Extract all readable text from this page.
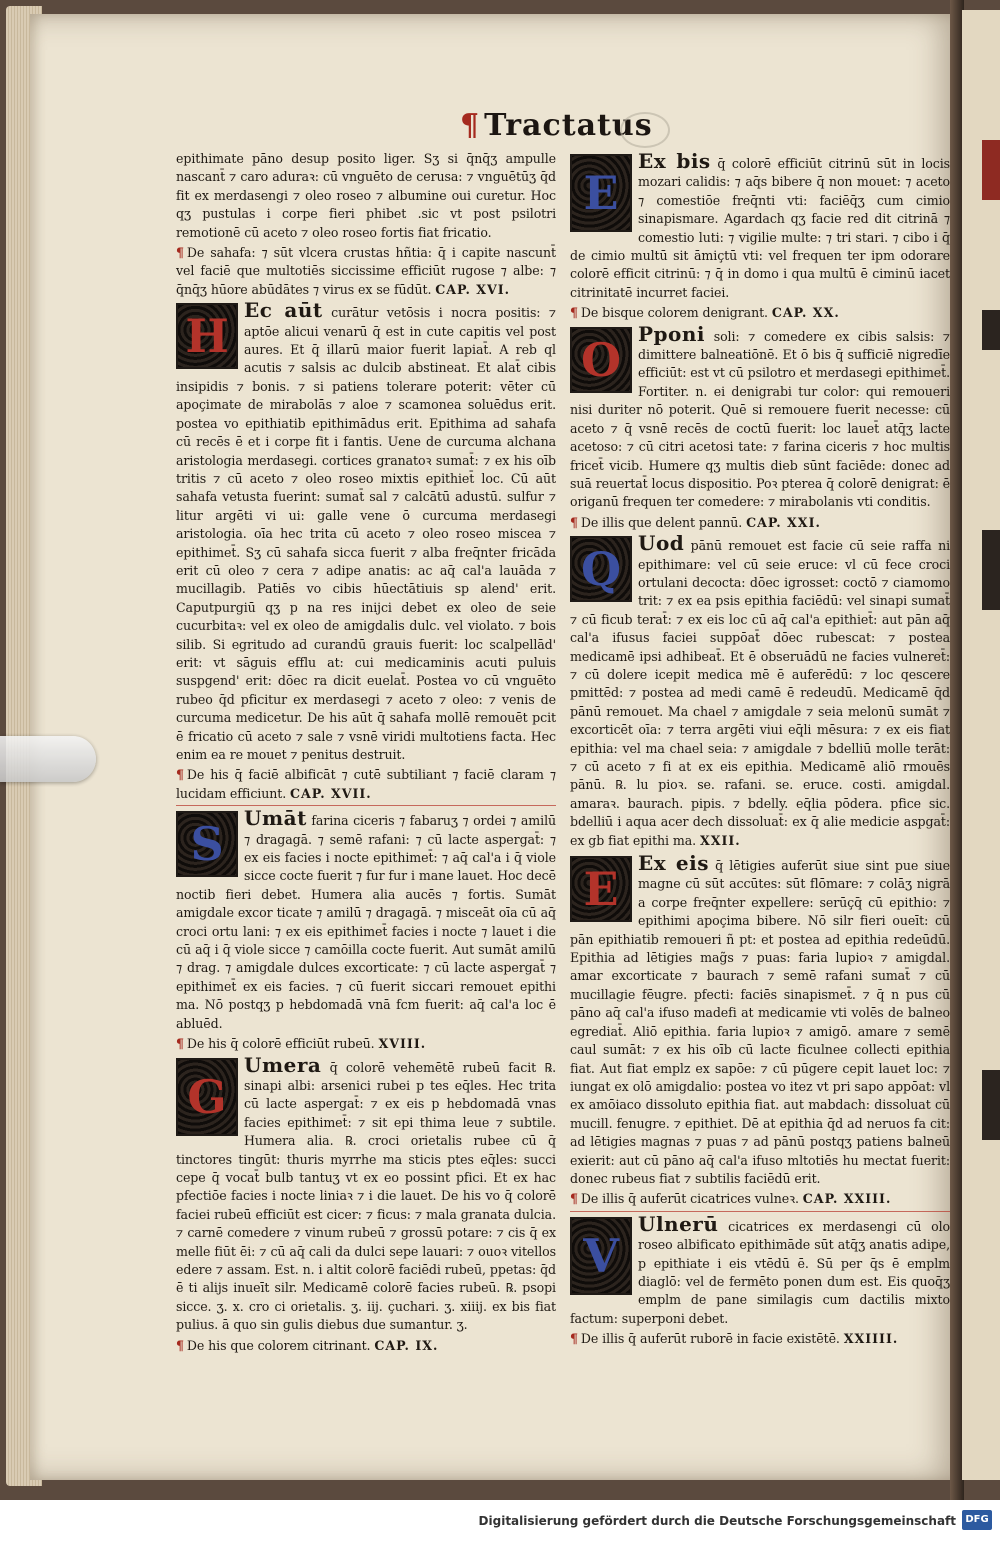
¶ Tractatus

epithimate pāno desup posito liger. Sʒ si q̄nq̄ʒ ampulle nascant̄ ⁊ caro aduraꝛ: cū vnguēto de cerusa: ⁊ vnguētūʒ q̄d fit ex merdasengi ⁊ oleo roseo ⁊ albumine oui curetur. Hoc qʒ pustulas i corpe fieri phibet .sic vt post psilotri remotionē cū aceto ⁊ oleo roseo fortis fiat fricatio.

¶ De sahafa: ⁊ sūt vlcera crustas hñtia: q̄ i capite nascunt̄ vel faciē que multotiēs siccissime efficiūt rugose ⁊ albe: ⁊ q̄nq̄ʒ hūore abūdātes ⁊ virus ex se fūdūt. CAP. XVI.

H Ec aūt curātur vetōsis i nocra positis: ⁊ aptōe alicui venarū q̄ est in cute capitis vel post aures. Et q̄ illarū maior fuerit lapiat̄. A reb ql acutis ⁊ salsis ac dulcib abstineat. Et alat̄ cibis insipidis ⁊ bonis. ⁊ si patiens tolerare poterit: vēter cū apoçimate de mirabolās ⁊ aloe ⁊ scamonea soluēdus erit. postea vo epithiatib epithimādus erit. Epithima ad sahafa cū recēs ē et i corpe fit i fantis. Uene de curcuma alchana aristologia merdasegi. cortices granatoꝛ sumat̄: ⁊ ex his oīb tritis ⁊ cū aceto ⁊ oleo roseo mixtis epithiet̄ loc. Cū aūt sahafa vetusta fuerint: sumat̄ sal ⁊ calcātū adustū. sulfur ⁊ litur argēti vi ui: galle vene ō curcuma merdasegi aristologia. oīa hec trita cū aceto ⁊ oleo roseo miscea ⁊ epithimet̄. Sʒ cū sahafa sicca fuerit ⁊ alba freq̄nter fricāda erit cū oleo ⁊ cera ⁊ adipe anatis: ac aq̄ cal'a lauāda ⁊ mucillagib. Patiēs vo cibis hūectātiuis sp alend' erit. Caputpurgiū qʒ p na res inijci debet ex oleo de seie cucurbitaꝛ: vel ex oleo de amigdalis dulc. vel violato. ⁊ bois silib. Si egritudo ad curandū grauis fuerit: loc scalpellād' erit: vt sāguis efflu at: cui medicaminis acuti puluis suspgend' erit: dōec ra dicit euelat̄. Postea vo cū vnguēto rubeo q̄d pficitur ex merdasegi ⁊ aceto ⁊ oleo: ⁊ venis de curcuma medicetur. De his aūt q̄ sahafa mollē remouēt pcit ē fricatio cū aceto ⁊ sale ⁊ vsnē viridi multotiens facta. Hec enim ea re mouet ⁊ penitus destruit.

¶ De his q̄ faciē albificāt ⁊ cutē subtiliant ⁊ faciē claram ⁊ lucidam efficiunt. CAP. XVII.

S	Umāt farina ciceris ⁊ fabaruʒ ⁊ ordei ⁊ amilū ⁊ dragagā. ⁊ semē rafani: ⁊ cū lacte aspergat̄: ⁊ ex eis facies i nocte epithimet̄: ⁊ aq̄ cal'a i q̄ viole sicce cocte fuerit ⁊ fur fur i mane lauet. Hoc decē noctib fieri debet. Humera alia aucēs ⁊ fortis. Sumāt amigdale excor ticate ⁊ amilū ⁊ dragagā. ⁊ misceāt oīa cū aq̄ croci ortu lani: ⁊ ex eis epithimet̄ facies i nocte ⁊ lauet i die cū aq̄ i q̄ viole sicce ⁊ camōilla cocte fuerit. Aut sumāt amilū ⁊ drag. ⁊ amigdale dulces excorticate: ⁊ cū lacte aspergat̄ ⁊ epithimet̄ ex eis facies. ⁊ cū fuerit siccari remouet epithi ma. Nō postqʒ p hebdomadā vnā fcm fuerit: aq̄ cal'a loc ē abluēd.

¶ De his q̄ colorē efficiūt rubeū. XVIII.

G

Umera q̄ colorē vehemētē rubeū facit ℞. sinapi albi: arsenici rubei p tes eq̄les. Hec trita cū lacte aspergat̄: ⁊ ex eis p hebdomadā vnas facies epithimet̄: ⁊ sit epi thima leue ⁊ subtile. Humera alia. ℞. croci orietalis rubee cū q̄ tinctores tingūt: thuris myrrhe ma sticis ptes eq̄les: succi cepe q̄ vocat̄ bulb tantuʒ vt ex eo possint pfici. Et ex hac pfectiōe facies i nocte liniaꝛ ⁊ i die lauet. De his vo q̄ colorē faciei rubeū efficiūt est cicer: ⁊ ficus: ⁊ mala granata dulcia. ⁊ carnē comedere ⁊ vinum rubeū ⁊ grossū potare: ⁊ cis q̄ ex melle fiūt ēi: ⁊ cū aq̄ cali da dulci sepe lauari: ⁊ ouoꝛ vitellos edere ⁊ assam. Est. n. i altit colorē faciēdi rubeū, ppetas: q̄d ē ti alijs inueīt silr. Medicamē colorē facies rubeū. ℞. psopi sicce. ʒ. x. cro ci orietalis. ʒ. iij. çuchari. ʒ. xiiij. ex bis fiat pulius. ā quo sin gulis diebus due sumantur. ʒ.

¶ De his que colorem citrinant. CAP. IX.

E

Ex bis q̄ colorē efficiūt citrinū sūt in locis mozari calidis: ⁊ aq̄s bibere q̄ non mouet: ⁊ aceto ⁊ comestiōe freq̄nti vti: faciēq̄ʒ cum cimio sinapismare. Agardach qʒ facie red dit citrinā ⁊ comestio luti: ⁊ vigilie multe: ⁊ tri stari. ⁊ cibo i q̄ de cimio multū sit āmiçtū vti: vel frequen ter ipm odorare colorē efficit citrinū: ⁊ q̄ in domo i qua multū ē ciminū iacet citrinitatē incurret faciei.

¶ De bisque colorem denigrant. CAP. XX.

O Pponi soli: ⁊ comedere ex cibis salsis: ⁊ dimittere balneatiōnē. Et ō bis q̄ sufficiē nigredīe efficiūt: est vt cū psilotro et merdasegi epithimet̄. Fortiter. n. ei denigrabi tur color: qui remoueri nisi duriter nō poterit. Quē si remouere fuerit necesse: cū aceto ⁊ q̄ vsnē recēs de coctū fuerit: loc lauet̄ atq̄ʒ lacte acetoso: ⁊ cū citri acetosi tate: ⁊ farina ciceris ⁊ hoc multis fricet̄ vicib. Humere qʒ multis dieb sūnt faciēde: donec ad suā reuertat̄ locus dispositio. Poꝛ pterea q̄ colorē denigrat: ē origanū frequen ter comedere: ⁊ mirabolanis vti conditis.

¶ De illis que delent pannū. CAP. XXI.

Q Uod pānū remouet est facie cū seie raffa ni epithimare: vel cū seie eruce: vl cū fece croci ortulani decocta: dōec igrosset: coctō ⁊ ciamomo trit: ⁊ ex ea psis epithia faciēdū: vel sinapi sumat̄ ⁊ cū ficub terat̄: ⁊ ex eis loc cū aq̄ cal'a epithiet̄: aut pān aq̄ cal'a ifusus faciei suppōat̄ dōec rubescat: ⁊ postea medicamē ipsi adhibeat̄. Et ē obseruādū ne facies vulneret̄: ⁊ cū dolere icepit medica mē ē auferēdū: ⁊ loc qescere pmittēd: ⁊ postea ad medi camē ē redeudū. Medicamē q̄d pānū remouet. Ma chael ⁊ amigdale ⁊ seia melonū sumāt ⁊ excorticēt oīa: ⁊ terra argēti viui eq̄li mēsura: ⁊ ex eis fiat epithia: vel ma chael seia: ⁊ amigdale ⁊ bdelliū molle terāt: ⁊ cū aceto ⁊ fi at ex eis epithia. Medicamē aliō rmouēs pānū. ℞. lu pioꝛ. se. rafani. se. eruce. costi. amigdal. amaraꝛ. baurach. pipis. ⁊ bdelly. eq̄lia pōdera. pfice sic. bdelliū i aqua acer dech dissoluat̄: ex q̄ alie medicie aspgat̄: ex gb fiat epithi ma. XXII.

E Ex eis q̄ lētigies auferūt siue sint pue siue magne cū sūt accūtes: sūt flōmare: ⁊ colāʒ nigrā a corpe freq̄nter expellere: serūçq̄ cū epithio: ⁊ epithimi apoçima bibere. Nō silr fieri oueīt: cū pān epithiatib remoueri ñ pt: et postea ad epithia redeūdū. Epithia ad lētigies mag̃s ⁊ puas: faria lupioꝛ ⁊ amigdal. amar excorticate ⁊ baurach ⁊ semē rafani sumat̄ ⁊ cū mucillagie fēugre. pfecti: faciēs sinapismet̄. ⁊ q̄ n pus cū pāno aq̄ cal'a ifuso madefi at medicamie vti volēs de balneo egrediat̄. Aliō epithia. faria lupioꝛ ⁊ amigō. amare ⁊ semē caul sumāt: ⁊ ex his oīb cū lacte ficulnee collecti epithia fiat. Aut fiat emplz ex sapōe: ⁊ cū pūgere cepit lauet loc: ⁊ iungat ex olō amigdalio: postea vo itez vt pri sapo appōat: vl ex amōiaco dissoluto epithia fiat. aut mabdach: dissoluat cū mucill. fenugre. ⁊ epithiet. Dē at epithia q̄d ad neruos fa cit: ad lētigies magnas ⁊ puas ⁊ ad pānū postqʒ patiens balneū exierit: aut cū pāno aq̄ cal'a ifuso mltotiēs hu mectat fuerit: donec rubeus fiat ⁊ subtilis faciēdū erit.

¶ De illis q̄ auferūt cicatrices vulneꝛ. CAP. XXIII.

V

Ulnerū cicatrices ex merdasengi cū olo roseo albificato epithimāde sūt atq̄ʒ anatis adipe, p epithiate i eis vtēdū ē. Sū per q̄s ē emplm diaglō: vel de fermēto ponen dum est. Eis quoq̄ʒ emplm de pane similagis cum dactilis mixto factum: superponi debet.

¶ De illis q̄ auferūt ruborē in facie existētē. XXIIII.

Digitalisierung gefördert durch die Deutsche Forschungsgemeinschaft DFG
